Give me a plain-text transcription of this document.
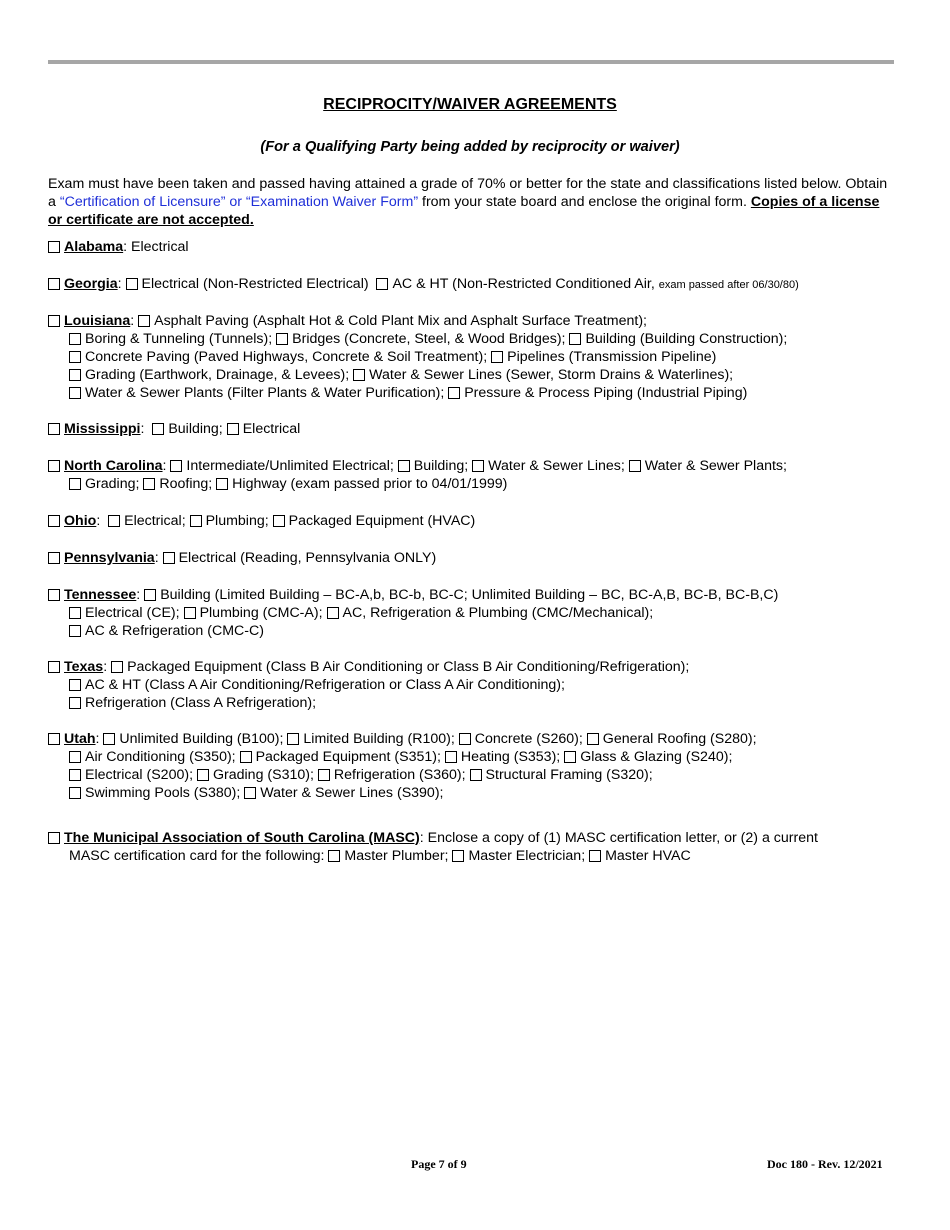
RECIPROCITY/WAIVER AGREEMENTS
(For a Qualifying Party being added by reciprocity or waiver)
Exam must have been taken and passed having attained a grade of 70% or better for the state and classifications listed below. Obtain a “Certification of Licensure” or “Examination Waiver Form” from your state board and enclose the original form. Copies of a license or certificate are not accepted.
Alabama: Electrical
Georgia: Electrical (Non-Restricted Electrical) AC & HT (Non-Restricted Conditioned Air, exam passed after 06/30/80)
Louisiana: Asphalt Paving (Asphalt Hot & Cold Plant Mix and Asphalt Surface Treatment);
Boring & Tunneling (Tunnels); Bridges (Concrete, Steel, & Wood Bridges); Building (Building Construction);
Concrete Paving (Paved Highways, Concrete & Soil Treatment); Pipelines (Transmission Pipeline)
Grading (Earthwork, Drainage, & Levees); Water & Sewer Lines (Sewer, Storm Drains & Waterlines);
Water & Sewer Plants (Filter Plants & Water Purification); Pressure & Process Piping (Industrial Piping)
Mississippi:  Building; Electrical
North Carolina: Intermediate/Unlimited Electrical; Building; Water & Sewer Lines; Water & Sewer Plants;
Grading; Roofing; Highway (exam passed prior to 04/01/1999)
Ohio:  Electrical; Plumbing; Packaged Equipment (HVAC)
Pennsylvania: Electrical (Reading, Pennsylvania ONLY)
Tennessee: Building (Limited Building – BC-A,b, BC-b, BC-C; Unlimited Building – BC, BC-A,B, BC-B, BC-B,C)
Electrical (CE); Plumbing (CMC-A); AC, Refrigeration & Plumbing (CMC/Mechanical);
AC & Refrigeration (CMC-C)
Texas: Packaged Equipment (Class B Air Conditioning or Class B Air Conditioning/Refrigeration);
AC & HT (Class A Air Conditioning/Refrigeration or Class A Air Conditioning);
Refrigeration (Class A Refrigeration);
Utah: Unlimited Building (B100); Limited Building (R100); Concrete (S260); General Roofing (S280);
Air Conditioning (S350); Packaged Equipment (S351); Heating (S353); Glass & Glazing (S240);
Electrical (S200); Grading (S310); Refrigeration (S360); Structural Framing (S320);
Swimming Pools (S380); Water & Sewer Lines (S390);
The Municipal Association of South Carolina (MASC): Enclose a copy of (1) MASC certification letter, or (2) a current
MASC certification card for the following: Master Plumber; Master Electrician; Master HVAC
Page 7 of 9	Doc 180 - Rev. 12/2021
